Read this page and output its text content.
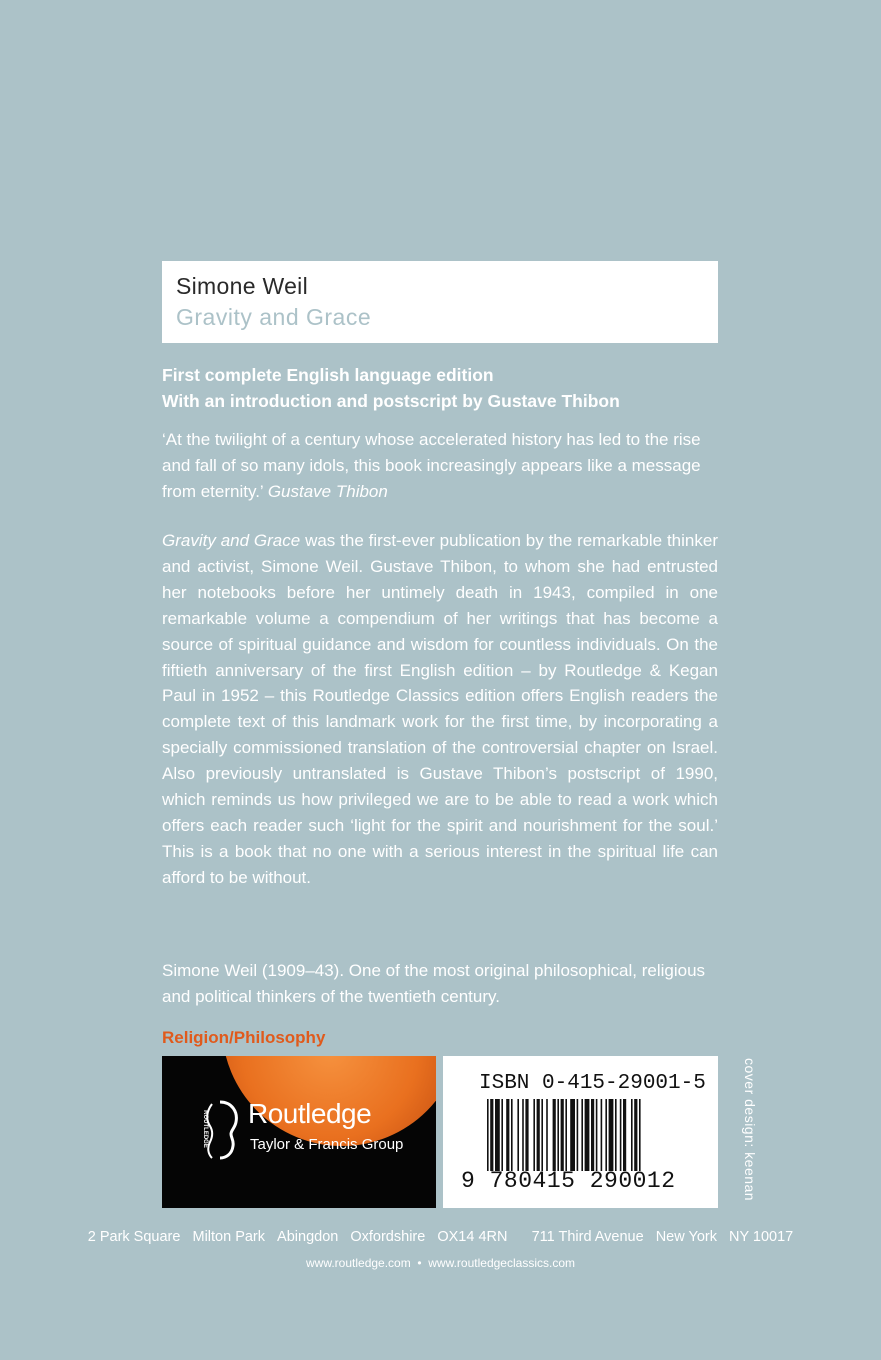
Simone Weil
Gravity and Grace
First complete English language edition
With an introduction and postscript by Gustave Thibon
‘At the twilight of a century whose accelerated history has led to the rise and fall of so many idols, this book increasingly appears like a message from eternity.’ Gustave Thibon
Gravity and Grace was the first-ever publication by the remarkable thinker and activist, Simone Weil. Gustave Thibon, to whom she had entrusted her notebooks before her untimely death in 1943, compiled in one remarkable volume a compendium of her writings that has become a source of spiritual guidance and wisdom for countless individuals. On the fiftieth anniversary of the first English edition – by Routledge & Kegan Paul in 1952 – this Routledge Classics edition offers English readers the complete text of this landmark work for the first time, by incorporating a specially commissioned translation of the controversial chapter on Israel. Also previously untranslated is Gustave Thibon’s postscript of 1990, which reminds us how privileged we are to be able to read a work which offers each reader such ‘light for the spirit and nourishment for the soul.’ This is a book that no one with a serious interest in the spiritual life can afford to be without.
Simone Weil (1909–43). One of the most original philosophical, religious and political thinkers of the twentieth century.
Religion/Philosophy
ROUTLEDGE Routledge
Taylor & Francis Group
ISBN 0-415-29001-5
9 780415 290012	cover design: keenan
2 Park Square Milton Park Abingdon Oxfordshire OX14 4RN 711 Third Avenue New York NY 10017
www.routledge.com • www.routledgeclassics.com
